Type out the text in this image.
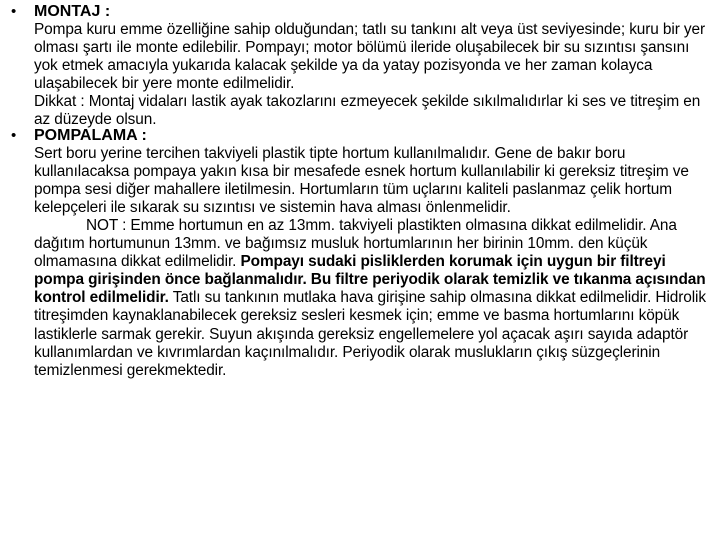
• MONTAJ :

Pompa kuru emme özelliğine sahip olduğundan; tatlı su tankını alt veya üst seviyesinde; kuru bir yer olması şartı ile monte edilebilir. Pompayı; motor bölümü ileride oluşabilecek bir su sızıntısı şansını yok etmek amacıyla yukarıda kalacak şekilde ya da yatay pozisyonda ve her zaman kolayca ulaşabilecek bir yere monte edilmelidir.

Dikkat : Montaj vidaları lastik ayak takozlarını ezmeyecek şekilde sıkılmalıdırlar ki ses ve titreşim en az düzeyde olsun.

• POMPALAMA :

Sert boru yerine tercihen takviyeli plastik tipte hortum kullanılmalıdır. Gene de bakır boru kullanılacaksa pompaya yakın kısa bir mesafede esnek hortum kullanılabilir ki gereksiz titreşim ve pompa sesi diğer mahallere iletilmesin. Hortumların tüm uçlarını kaliteli paslanmaz çelik hortum kelepçeleri ile sıkarak su sızıntısı ve sistemin hava alması önlenmelidir.

NOT : Emme hortumun en az 13mm. takviyeli plastikten olmasına dikkat edilmelidir. Ana dağıtım hortumunun 13mm. ve bağımsız musluk hortumlarının her birinin 10mm. den küçük olmamasına dikkat edilmelidir. Pompayı sudaki pisliklerden korumak için uygun bir filtreyi pompa girişinden önce bağlanmalıdır. Bu filtre periyodik olarak temizlik ve tıkanma açısından kontrol edilmelidir. Tatlı su tankının mutlaka hava girişine sahip olmasına dikkat edilmelidir. Hidrolik titreşimden kaynaklanabilecek gereksiz sesleri kesmek için; emme ve basma hortumlarını köpük lastiklerle sarmak gerekir. Suyun akışında gereksiz engellemelere yol açacak aşırı sayıda adaptör kullanımlardan ve kıvrımlardan kaçınılmalıdır. Periyodik olarak muslukların çıkış süzgeçlerinin temizlenmesi gerekmektedir.
